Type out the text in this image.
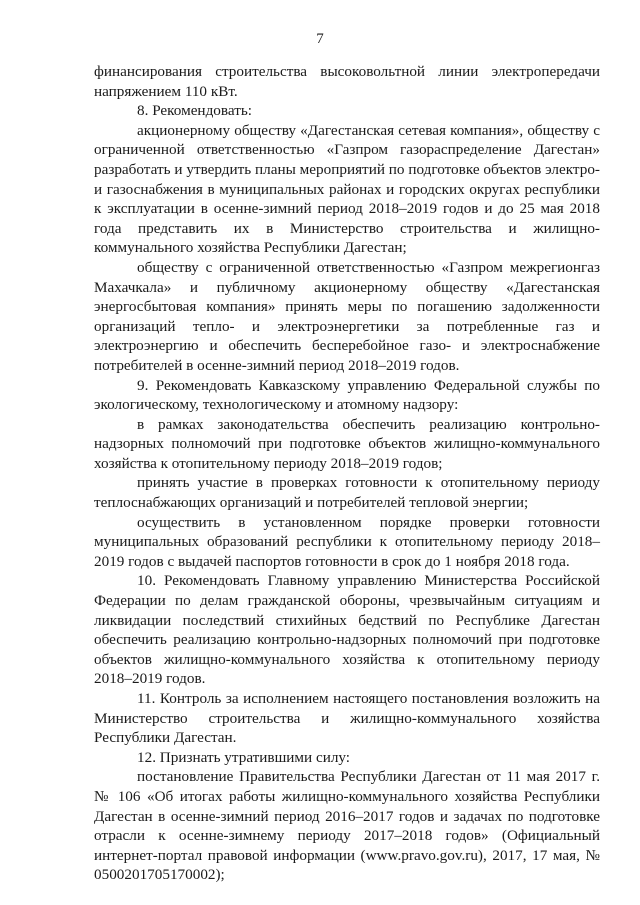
7

финансирования строительства высоковольтной линии электропередачи напряжением 110 кВт.

8. Рекомендовать:

акционерному обществу «Дагестанская сетевая компания», обществу с ограниченной ответственностью «Газпром газораспределение Дагестан» разработать и утвердить планы мероприятий по подготовке объектов электро- и газоснабжения в муниципальных районах и городских округах республики к эксплуатации в осенне-зимний период 2018–2019 годов и до 25 мая 2018 года представить их в Министерство строительства и жилищно-коммунального хозяйства Республики Дагестан;

обществу с ограниченной ответственностью «Газпром межрегионгаз Махачкала» и публичному акционерному обществу «Дагестанская энергосбытовая компания» принять меры по погашению задолженности организаций тепло- и электроэнергетики за потребленные газ и электроэнергию и обеспечить бесперебойное газо- и электроснабжение потребителей в осенне-зимний период 2018–2019 годов.

9. Рекомендовать Кавказскому управлению Федеральной службы по экологическому, технологическому и атомному надзору:

в рамках законодательства обеспечить реализацию контрольно-надзорных полномочий при подготовке объектов жилищно-коммунального хозяйства к отопительному периоду 2018–2019 годов;

принять участие в проверках готовности к отопительному периоду теплоснабжающих организаций и потребителей тепловой энергии;

осуществить в установленном порядке проверки готовности муниципальных образований республики к отопительному периоду 2018–2019 годов с выдачей паспортов готовности в срок до 1 ноября 2018 года.

10. Рекомендовать Главному управлению Министерства Российской Федерации по делам гражданской обороны, чрезвычайным ситуациям и ликвидации последствий стихийных бедствий по Республике Дагестан обеспечить реализацию контрольно-надзорных полномочий при подготовке объектов жилищно-коммунального хозяйства к отопительному периоду 2018–2019 годов.

11. Контроль за исполнением настоящего постановления возложить на Министерство строительства и жилищно-коммунального хозяйства Республики Дагестан.

12. Признать утратившими силу:

постановление Правительства Республики Дагестан от 11 мая 2017 г. № 106 «Об итогах работы жилищно-коммунального хозяйства Республики Дагестан в осенне-зимний период 2016–2017 годов и задачах по подготовке отрасли к осенне-зимнему периоду 2017–2018 годов» (Официальный интернет-портал правовой информации (www.pravo.gov.ru), 2017, 17 мая, № 0500201705170002);
